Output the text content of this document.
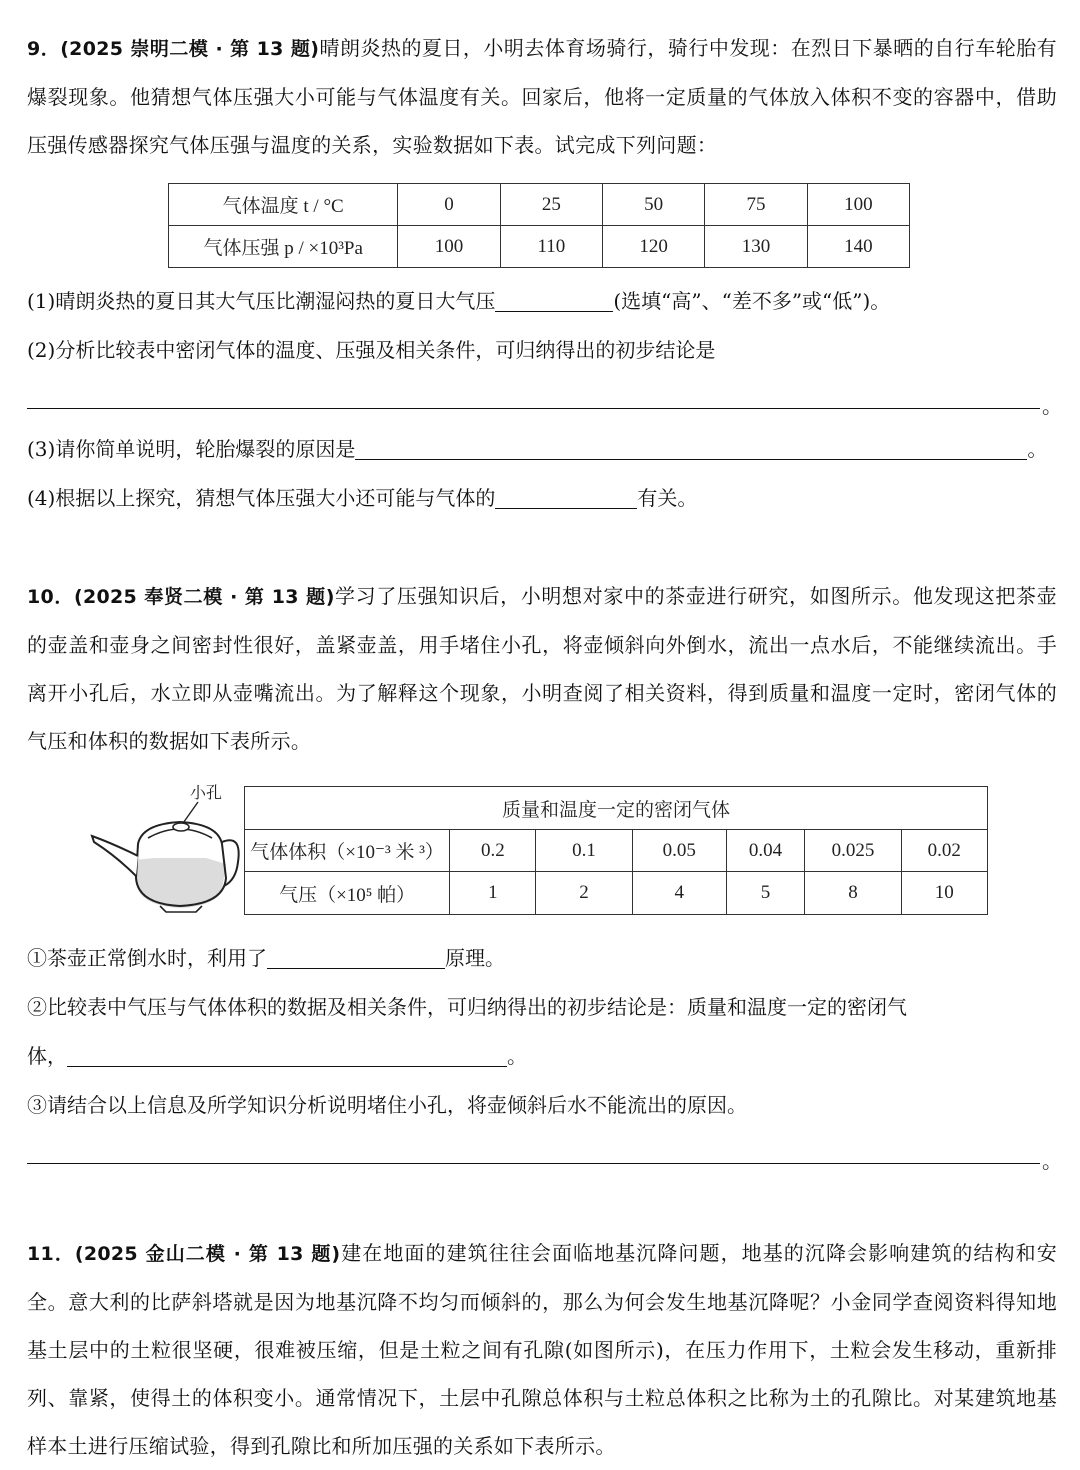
9．(2025 崇明二模 · 第 13 题)晴朗炎热的夏日，小明去体育场骑行，骑行中发现：在烈日下暴晒的自行车轮胎有爆裂现象。他猜想气体压强大小可能与气体温度有关。回家后，他将一定质量的气体放入体积不变的容器中，借助压强传感器探究气体压强与温度的关系，实验数据如下表。试完成下列问题：
气体温度 t / °C	0	25	50	75	100
气体压强 p / ×10³Pa	100	110	120	130	140
(1)晴朗炎热的夏日其大气压比潮湿闷热的夏日大气压	(选填“高”、“差不多”或“低”)。
(2)分析比较表中密闭气体的温度、压强及相关条件，可归纳得出的初步结论是
。
(3)请你简单说明，轮胎爆裂的原因是	。
(4)根据以上探究，猜想气体压强大小还可能与气体的	有关。
10．(2025 奉贤二模 · 第 13 题)学习了压强知识后，小明想对家中的茶壶进行研究，如图所示。他发现这把茶壶的壶盖和壶身之间密封性很好，盖紧壶盖，用手堵住小孔，将壶倾斜向外倒水，流出一点水后，不能继续流出。手离开小孔后，水立即从壶嘴流出。为了解释这个现象，小明查阅了相关资料，得到质量和温度一定时，密闭气体的气压和体积的数据如下表所示。
小孔
质量和温度一定的密闭气体						
气体体积（×10⁻³ 米 ³）	0.2	0.1	0.05	0.04	0.025	0.02
气压（×10⁵ 帕）	1	2	4	5	8	10
①茶壶正常倒水时，利用了	原理。
②比较表中气压与气体体积的数据及相关条件，可归纳得出的初步结论是：质量和温度一定的密闭气
体，	。
③请结合以上信息及所学知识分析说明堵住小孔，将壶倾斜后水不能流出的原因。
。
11．(2025 金山二模 · 第 13 题)建在地面的建筑往往会面临地基沉降问题，地基的沉降会影响建筑的结构和安全。意大利的比萨斜塔就是因为地基沉降不均匀而倾斜的，那么为何会发生地基沉降呢？小金同学查阅资料得知地基土层中的土粒很坚硬，很难被压缩，但是土粒之间有孔隙(如图所示)，在压力作用下，土粒会发生移动，重新排列、靠紧，使得土的体积变小。通常情况下，土层中孔隙总体积与土粒总体积之比称为土的孔隙比。对某建筑地基样本土进行压缩试验，得到孔隙比和所加压强的关系如下表所示。
